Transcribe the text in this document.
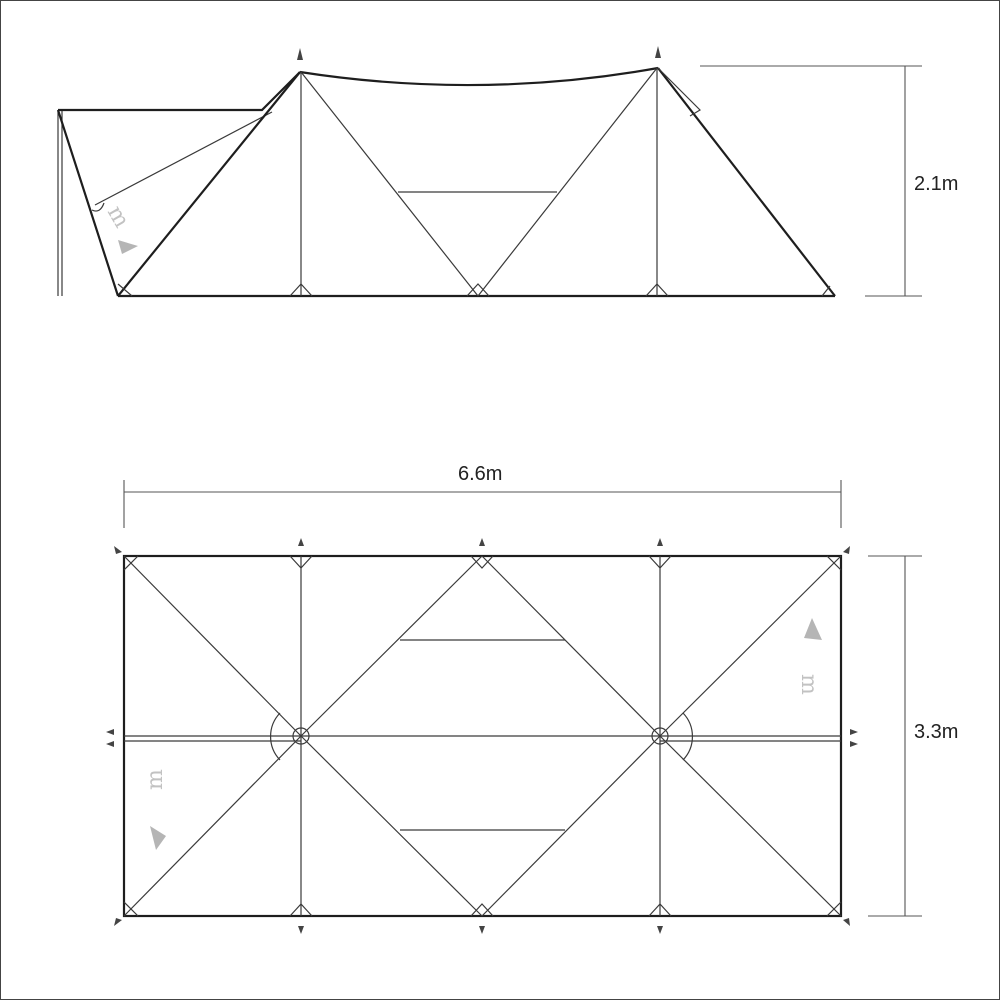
m
2.1m
6.6m
3.3m
m
m
